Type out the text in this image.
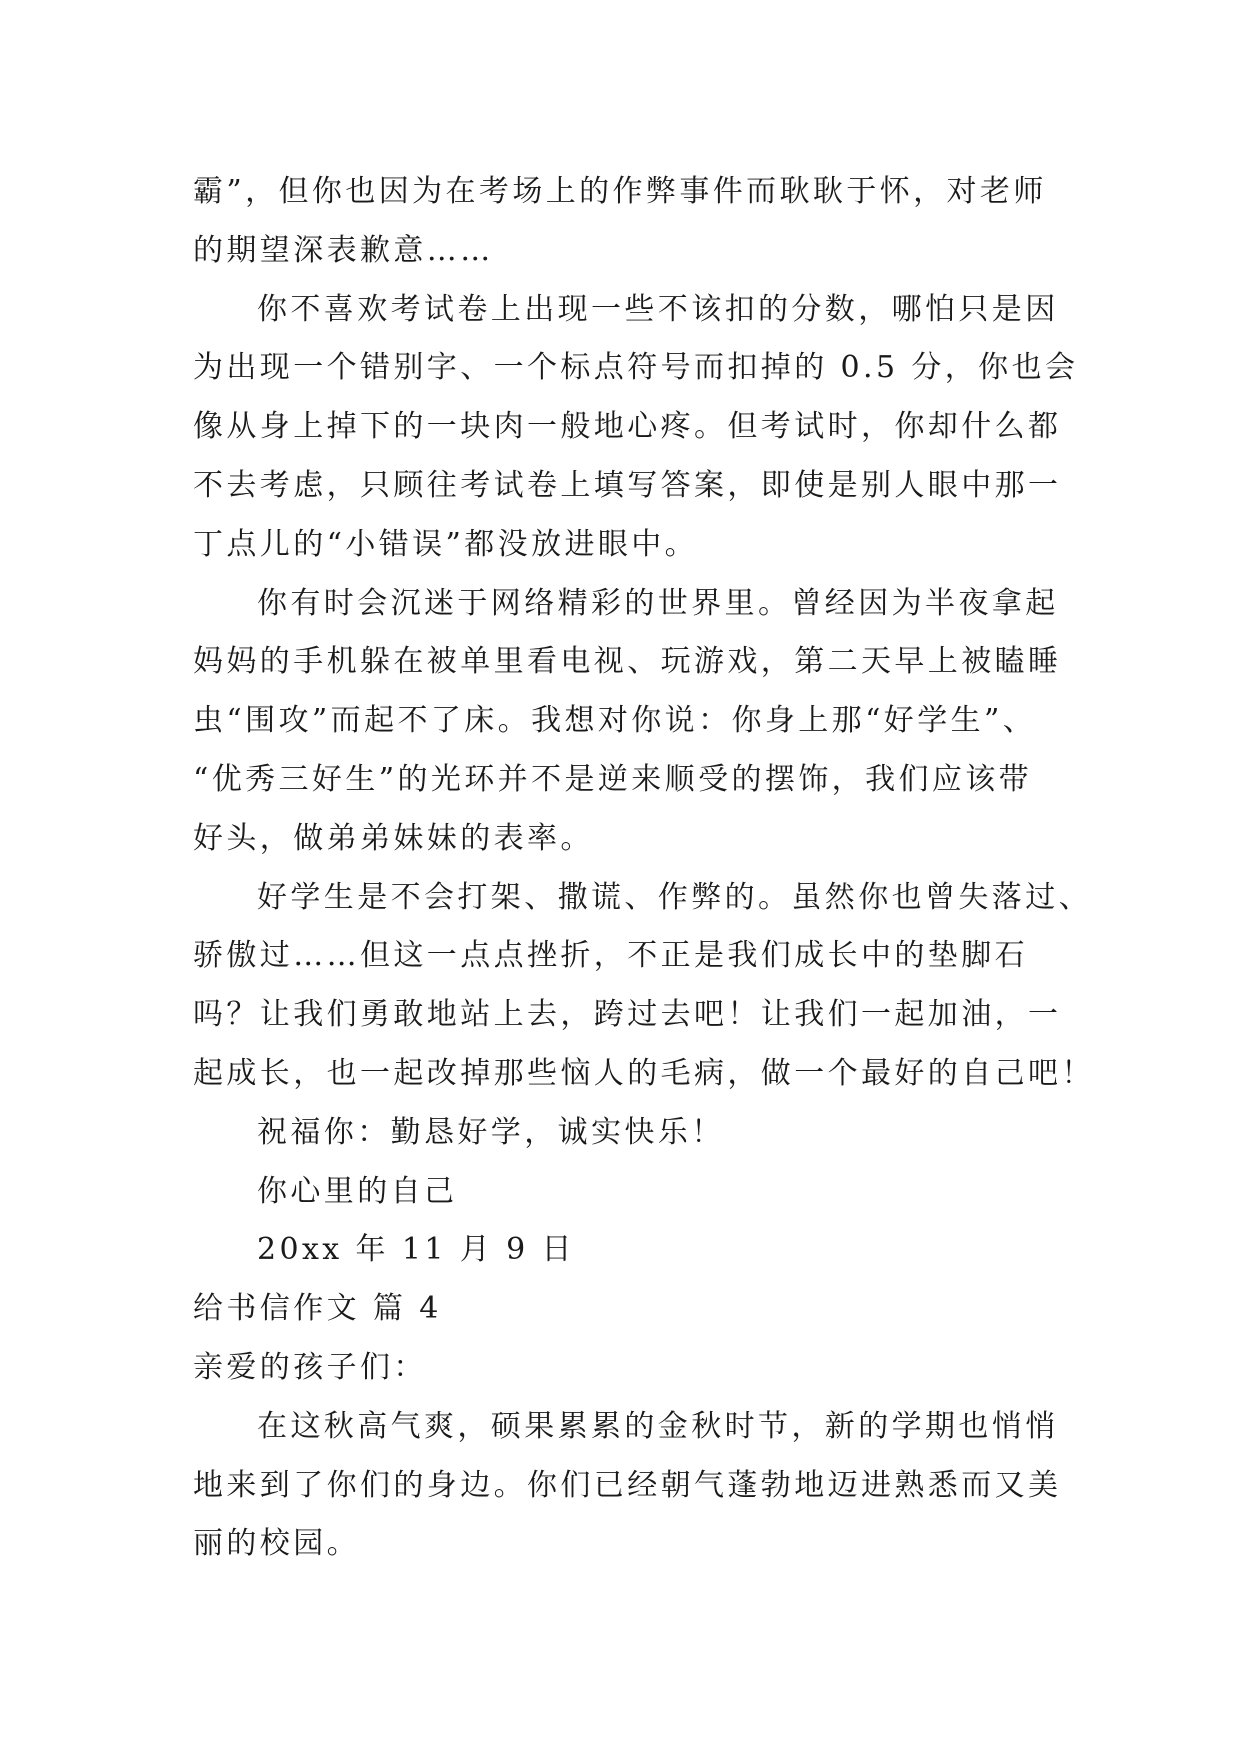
霸”，但你也因为在考场上的作弊事件而耿耿于怀，对老师
的期望深表歉意……
你不喜欢考试卷上出现一些不该扣的分数，哪怕只是因
为出现一个错别字、一个标点符号而扣掉的 0.5 分，你也会
像从身上掉下的一块肉一般地心疼。但考试时，你却什么都
不去考虑，只顾往考试卷上填写答案，即使是别人眼中那一
丁点儿的“小错误”都没放进眼中。
你有时会沉迷于网络精彩的世界里。曾经因为半夜拿起
妈妈的手机躲在被单里看电视、玩游戏，第二天早上被瞌睡
虫“围攻”而起不了床。我想对你说：你身上那“好学生”、
“优秀三好生”的光环并不是逆来顺受的摆饰，我们应该带
好头，做弟弟妹妹的表率。
好学生是不会打架、撒谎、作弊的。虽然你也曾失落过、
骄傲过……但这一点点挫折，不正是我们成长中的垫脚石
吗？让我们勇敢地站上去，跨过去吧！让我们一起加油，一
起成长，也一起改掉那些恼人的毛病，做一个最好的自己吧！
祝福你：勤恳好学，诚实快乐！
你心里的自己
20xx 年 11 月 9 日
给书信作文 篇 4
亲爱的孩子们：
在这秋高气爽，硕果累累的金秋时节，新的学期也悄悄
地来到了你们的身边。你们已经朝气蓬勃地迈进熟悉而又美
丽的校园。
